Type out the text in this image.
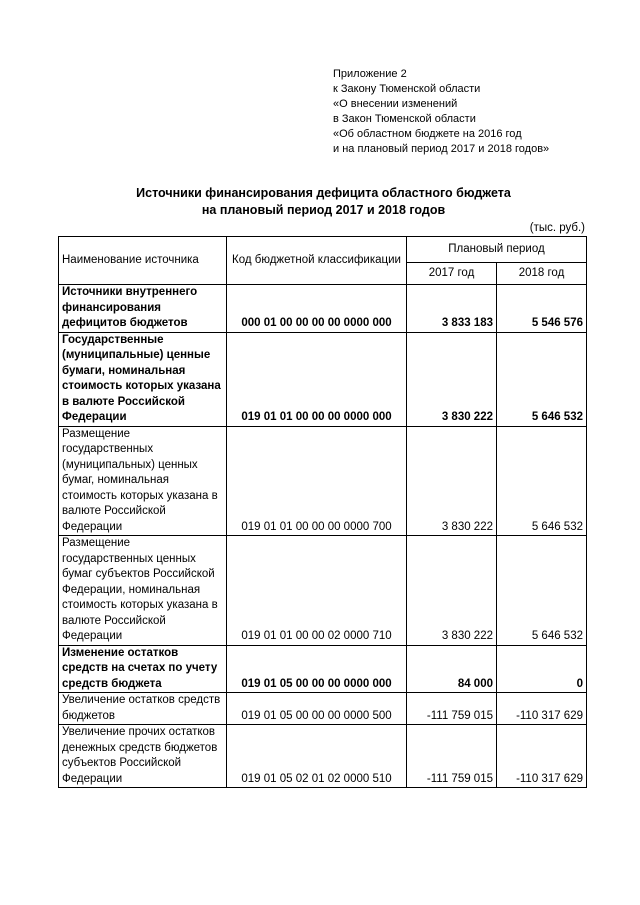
Приложение 2
к Закону Тюменской области
«О внесении изменений
в Закон Тюменской области
«Об областном бюджете на 2016 год
и на плановый период 2017 и 2018 годов»
Источники финансирования дефицита областного бюджета
на плановый период 2017 и 2018 годов
(тыс. руб.)
Наименование источника	Код бюджетной классификации	Плановый период	
		2017 год	2018 год
Источники внутреннего финансирования дефицитов бюджетов	000 01 00 00 00 00 0000 000	3 833 183	5 546 576
Государственные (муниципальные) ценные бумаги, номинальная стоимость которых указана в валюте Российской Федерации	019 01 01 00 00 00 0000 000	3 830 222	5 646 532
Размещение государственных (муниципальных) ценных бумаг, номинальная стоимость которых указана в валюте Российской Федерации	019 01 01 00 00 00 0000 700	3 830 222	5 646 532
Размещение государственных ценных бумаг субъектов Российской Федерации, номинальная стоимость которых указана в валюте Российской Федерации	019 01 01 00 00 02 0000 710	3 830 222	5 646 532
Изменение остатков средств на счетах по учету средств бюджета	019 01 05 00 00 00 0000 000	84 000	0
Увеличение остатков средств бюджетов	019 01 05 00 00 00 0000 500	-111 759 015	-110 317 629
Увеличение прочих остатков денежных средств бюджетов субъектов Российской Федерации	019 01 05 02 01 02 0000 510	-111 759 015	-110 317 629
